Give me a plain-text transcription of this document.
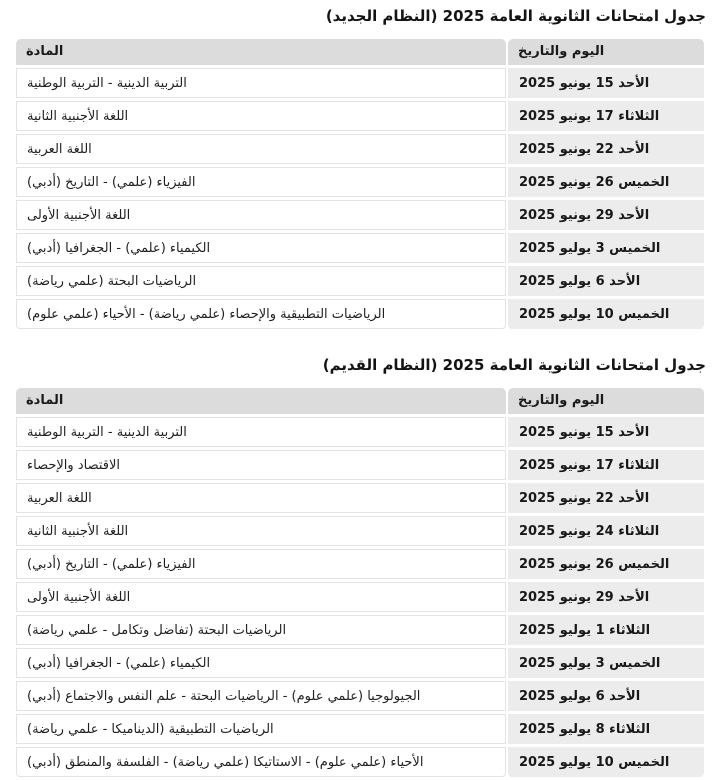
جدول امتحانات الثانوية العامة 2025 (النظام الجديد)
اليوم والتاريخ	المادة
الأحد 15 يونيو 2025	التربية الدينية - التربية الوطنية
الثلاثاء 17 يونيو 2025	اللغة الأجنبية الثانية
الأحد 22 يونيو 2025	اللغة العربية
الخميس 26 يونيو 2025	الفيزياء (علمي) - التاريخ (أدبي)
الأحد 29 يونيو 2025	اللغة الأجنبية الأولى
الخميس 3 يوليو 2025	الكيمياء (علمي) - الجغرافيا (أدبي)
الأحد 6 يوليو 2025	الرياضيات البحتة (علمي رياضة)
الخميس 10 يوليو 2025	الرياضيات التطبيقية والإحصاء (علمي رياضة) - الأحياء (علمي علوم)
جدول امتحانات الثانوية العامة 2025 (النظام القديم)
اليوم والتاريخ	المادة
الأحد 15 يونيو 2025	التربية الدينية - التربية الوطنية
الثلاثاء 17 يونيو 2025	الاقتصاد والإحصاء
الأحد 22 يونيو 2025	اللغة العربية
الثلاثاء 24 يونيو 2025	اللغة الأجنبية الثانية
الخميس 26 يونيو 2025	الفيزياء (علمي) - التاريخ (أدبي)
الأحد 29 يونيو 2025	اللغة الأجنبية الأولى
الثلاثاء 1 يوليو 2025	الرياضيات البحتة (تفاضل وتكامل - علمي رياضة)
الخميس 3 يوليو 2025	الكيمياء (علمي) - الجغرافيا (أدبي)
الأحد 6 يوليو 2025	الجيولوجيا (علمي علوم) - الرياضيات البحتة - علم النفس والاجتماع (أدبي)
الثلاثاء 8 يوليو 2025	الرياضيات التطبيقية (الديناميكا - علمي رياضة)
الخميس 10 يوليو 2025	الأحياء (علمي علوم) - الاستاتيكا (علمي رياضة) - الفلسفة والمنطق (أدبي)
